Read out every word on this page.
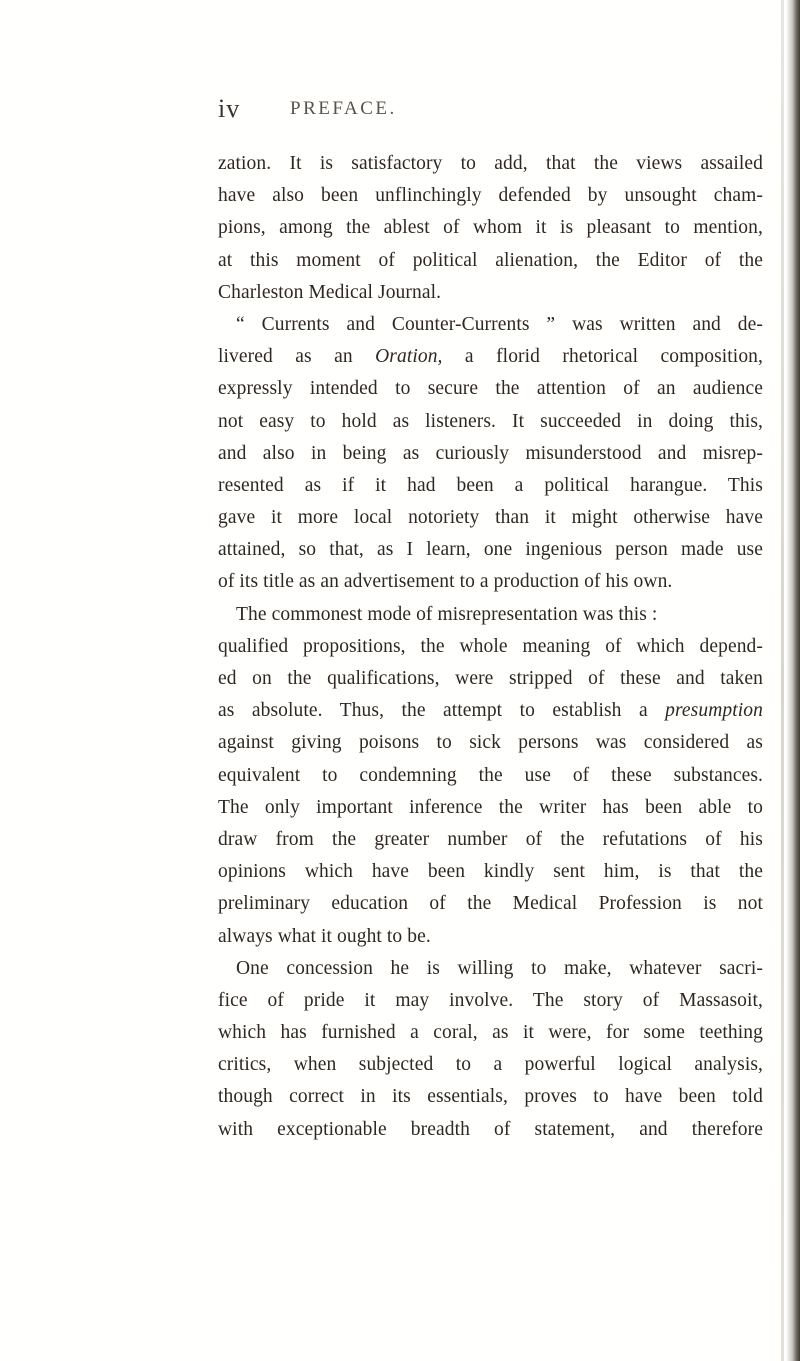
iv	PREFACE.
zation. It is satisfactory to add, that the views assailed
have also been unflinchingly defended by unsought cham-
pions, among the ablest of whom it is pleasant to mention,
at this moment of political alienation, the Editor of the
Charleston Medical Journal.
“ Currents and Counter-Currents ” was written and de-
livered as an Oration, a florid rhetorical composition,
expressly intended to secure the attention of an audience
not easy to hold as listeners. It succeeded in doing this,
and also in being as curiously misunderstood and misrep-
resented as if it had been a political harangue. This
gave it more local notoriety than it might otherwise have
attained, so that, as I learn, one ingenious person made use
of its title as an advertisement to a production of his own.
The commonest mode of misrepresentation was this :
qualified propositions, the whole meaning of which depend-
ed on the qualifications, were stripped of these and taken
as absolute. Thus, the attempt to establish a presumption
against giving poisons to sick persons was considered as
equivalent to condemning the use of these substances.
The only important inference the writer has been able to
draw from the greater number of the refutations of his
opinions which have been kindly sent him, is that the
preliminary education of the Medical Profession is not
always what it ought to be.
One concession he is willing to make, whatever sacri-
fice of pride it may involve. The story of Massasoit,
which has furnished a coral, as it were, for some teething
critics, when subjected to a powerful logical analysis,
though correct in its essentials, proves to have been told
with exceptionable breadth of statement, and therefore
